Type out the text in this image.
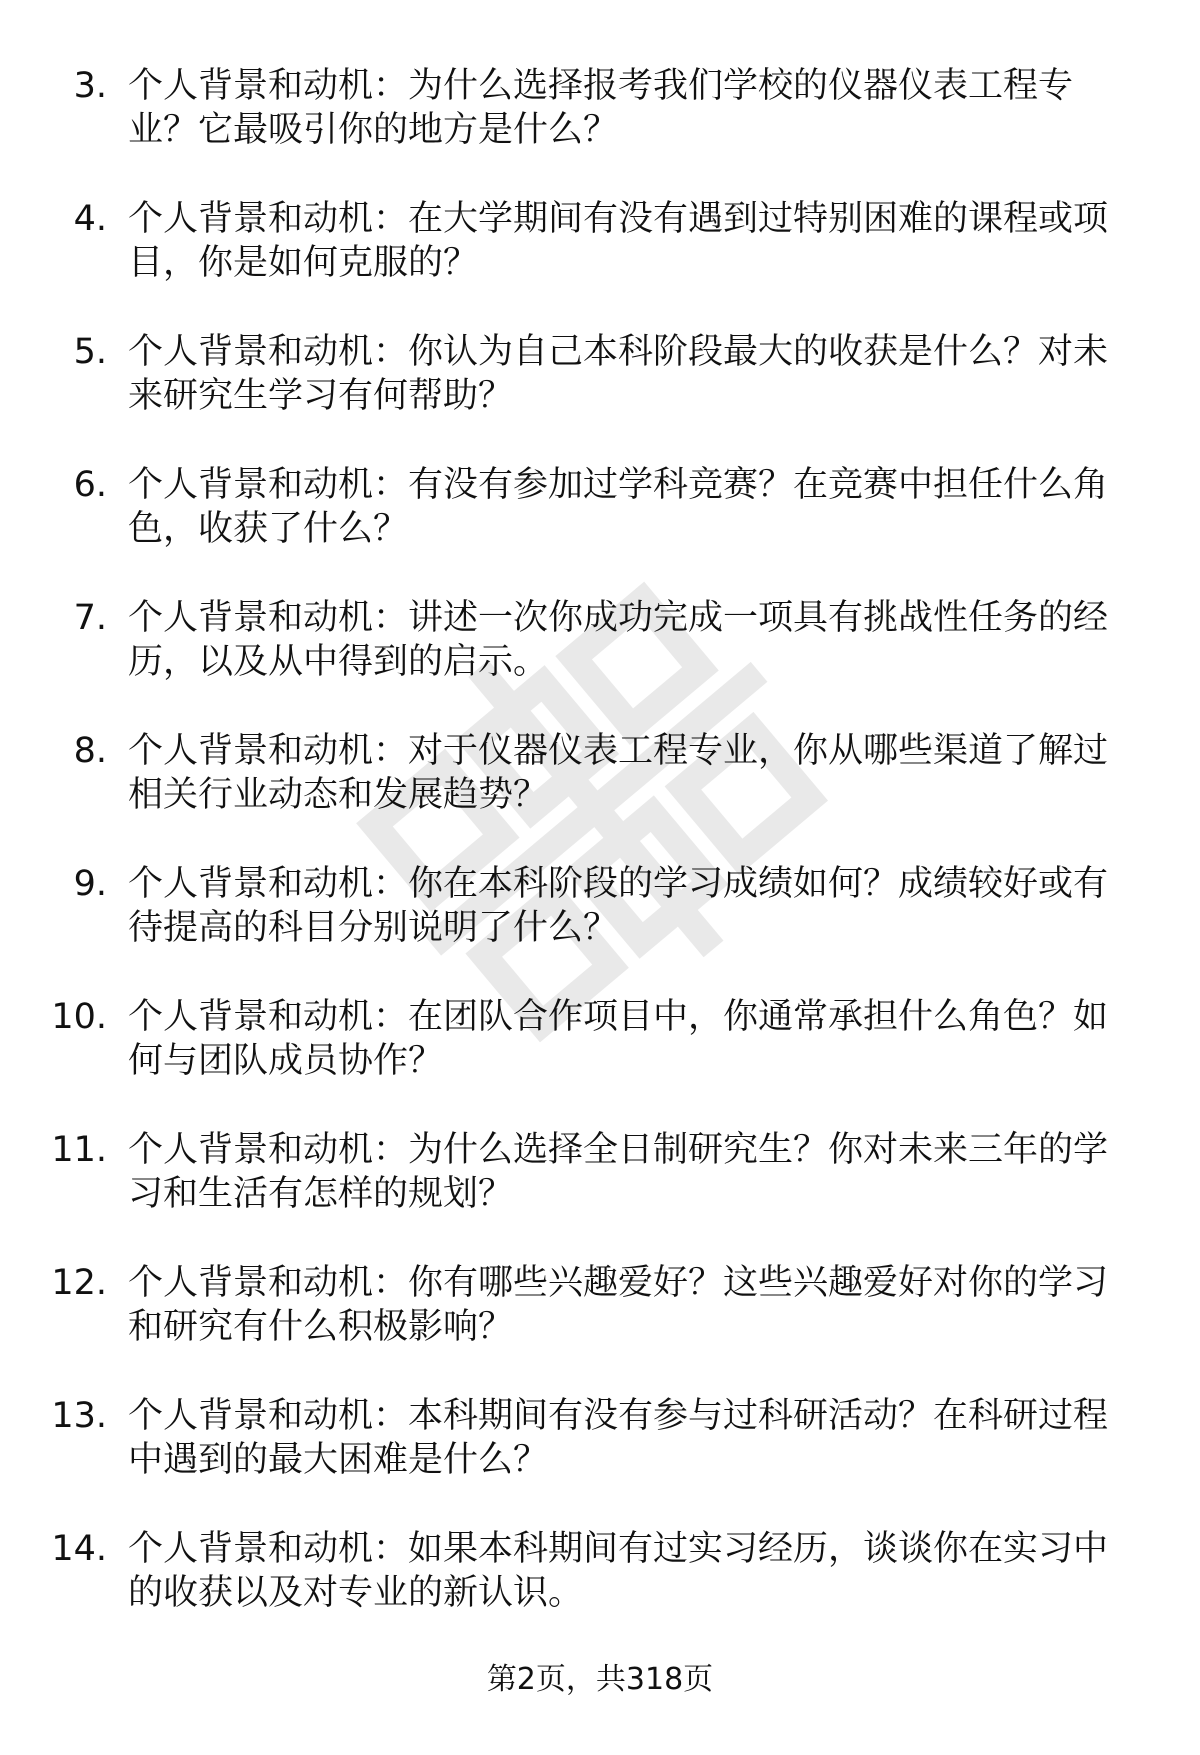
3. 个人背景和动机：为什么选择报考我们学校的仪器仪表工程专业？它最吸引你的地方是什么？
4. 个人背景和动机：在大学期间有没有遇到过特别困难的课程或项目，你是如何克服的？
5. 个人背景和动机：你认为自己本科阶段最大的收获是什么？对未来研究生学习有何帮助？
6. 个人背景和动机：有没有参加过学科竞赛？在竞赛中担任什么角色，收获了什么？
7. 个人背景和动机：讲述一次你成功完成一项具有挑战性任务的经历，以及从中得到的启示。
8. 个人背景和动机：对于仪器仪表工程专业，你从哪些渠道了解过相关行业动态和发展趋势？
9. 个人背景和动机：你在本科阶段的学习成绩如何？成绩较好或有待提高的科目分别说明了什么？
10. 个人背景和动机：在团队合作项目中，你通常承担什么角色？如何与团队成员协作？
11. 个人背景和动机：为什么选择全日制研究生？你对未来三年的学习和生活有怎样的规划？
12. 个人背景和动机：你有哪些兴趣爱好？这些兴趣爱好对你的学习和研究有什么积极影响？
13. 个人背景和动机：本科期间有没有参与过科研活动？在科研过程中遇到的最大困难是什么？
14. 个人背景和动机：如果本科期间有过实习经历，谈谈你在实习中的收获以及对专业的新认识。
第2页，共318页
